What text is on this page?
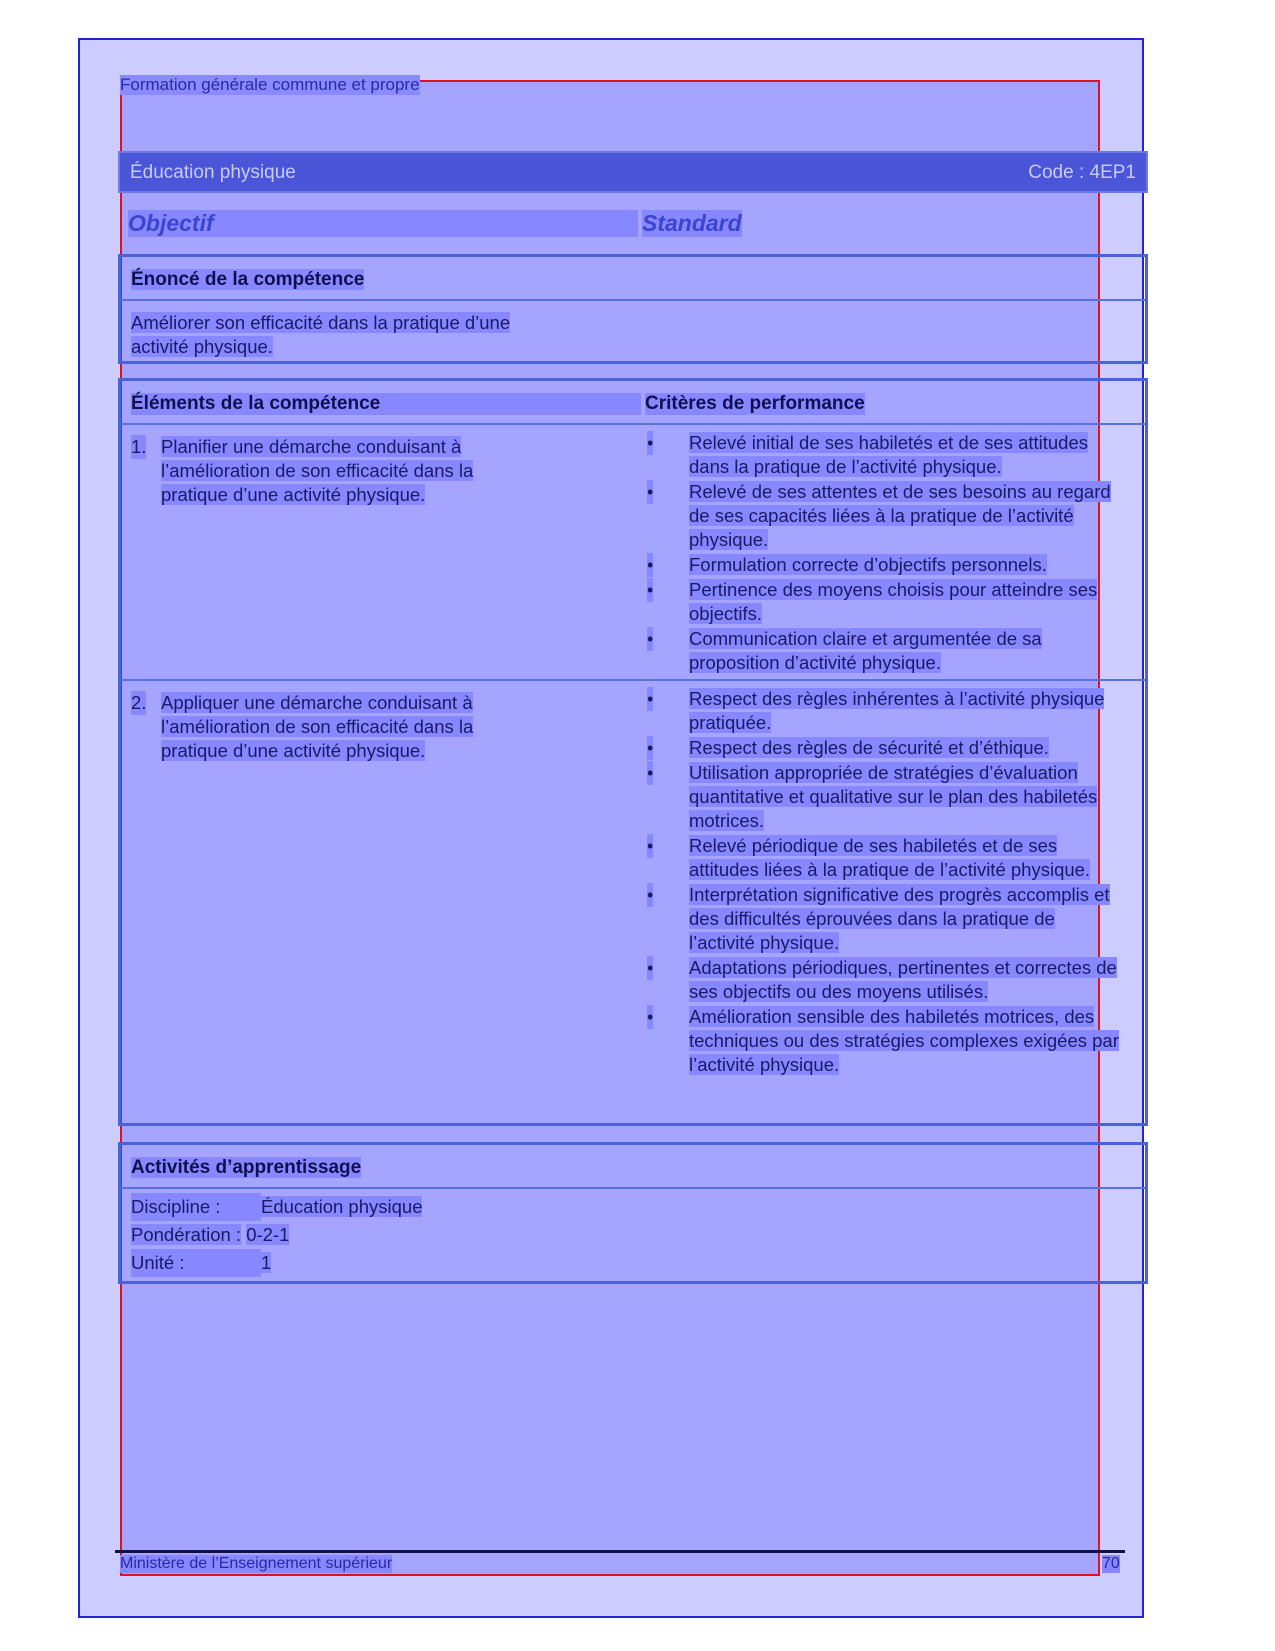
Formation générale commune et propre
Éducation physique	Code : 4EP1
Objectif	Standard
Énoncé de la compétence
Améliorer son efficacité dans la pratique d’une activité physique.
Éléments de la compétence	Critères de performance
1. Planifier une démarche conduisant à l’amélioration de son efficacité dans la pratique d’une activité physique.
• Relevé initial de ses habiletés et de ses attitudes dans la pratique de l’activité physique.
• Relevé de ses attentes et de ses besoins au regard de ses capacités liées à la pratique de l’activité physique.
• Formulation correcte d’objectifs personnels.
• Pertinence des moyens choisis pour atteindre ses objectifs.
• Communication claire et argumentée de sa proposition d’activité physique.
2. Appliquer une démarche conduisant à l’amélioration de son efficacité dans la pratique d’une activité physique.
• Respect des règles inhérentes à l’activité physique pratiquée.
• Respect des règles de sécurité et d’éthique.
• Utilisation appropriée de stratégies d’évaluation quantitative et qualitative sur le plan des habiletés motrices.
• Relevé périodique de ses habiletés et de ses attitudes liées à la pratique de l’activité physique.
• Interprétation significative des progrès accomplis et des difficultés éprouvées dans la pratique de l’activité physique.
• Adaptations périodiques, pertinentes et correctes de ses objectifs ou des moyens utilisés.
• Amélioration sensible des habiletés motrices, des techniques ou des stratégies complexes exigées par l’activité physique.
Activités d’apprentissage
Discipline : Éducation physique
Pondération : 0-2-1
Unité :	1
Ministère de l’Enseignement supérieur	70
